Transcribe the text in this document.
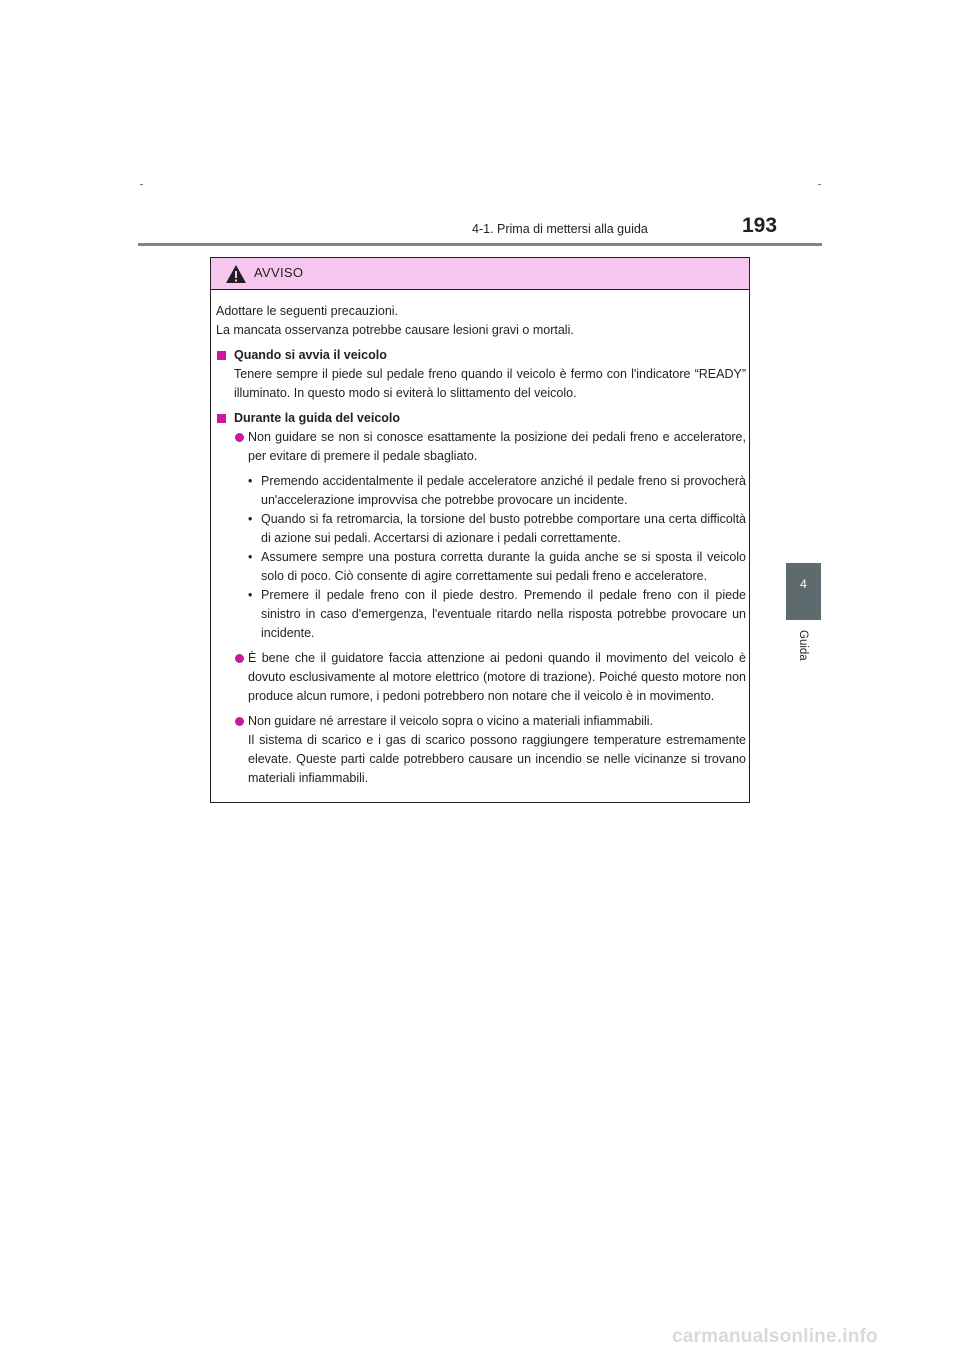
4-1. Prima di mettersi alla guida	193
4
Guida
AVVISO

Adottare le seguenti precauzioni.

La mancata osservanza potrebbe causare lesioni gravi o mortali.

Quando si avvia il veicolo

Tenere sempre il piede sul pedale freno quando il veicolo è fermo con l'indicatore “READY” illuminato. In questo modo si eviterà lo slittamento del veicolo.

Durante la guida del veicolo

Non guidare se non si conosce esattamente la posizione dei pedali freno e acceleratore, per evitare di premere il pedale sbagliato.

• Premendo accidentalmente il pedale acceleratore anziché il pedale freno si provocherà un'accelerazione improvvisa che potrebbe provocare un incidente.

• Quando si fa retromarcia, la torsione del busto potrebbe comportare una certa difficoltà di azione sui pedali. Accertarsi di azionare i pedali correttamente.

• Assumere sempre una postura corretta durante la guida anche se si sposta il veicolo solo di poco. Ciò consente di agire correttamente sui pedali freno e acceleratore.

• Premere il pedale freno con il piede destro. Premendo il pedale freno con il piede sinistro in caso d'emergenza, l'eventuale ritardo nella risposta potrebbe provocare un incidente.

È bene che il guidatore faccia attenzione ai pedoni quando il movimento del veicolo è dovuto esclusivamente al motore elettrico (motore di trazione). Poiché questo motore non produce alcun rumore, i pedoni potrebbero non notare che il veicolo è in movimento.

Non guidare né arrestare il veicolo sopra o vicino a materiali infiammabili.

Il sistema di scarico e i gas di scarico possono raggiungere temperature estremamente elevate. Queste parti calde potrebbero causare un incendio se nelle vicinanze si trovano materiali infiammabili.

carmanualsonline.info
